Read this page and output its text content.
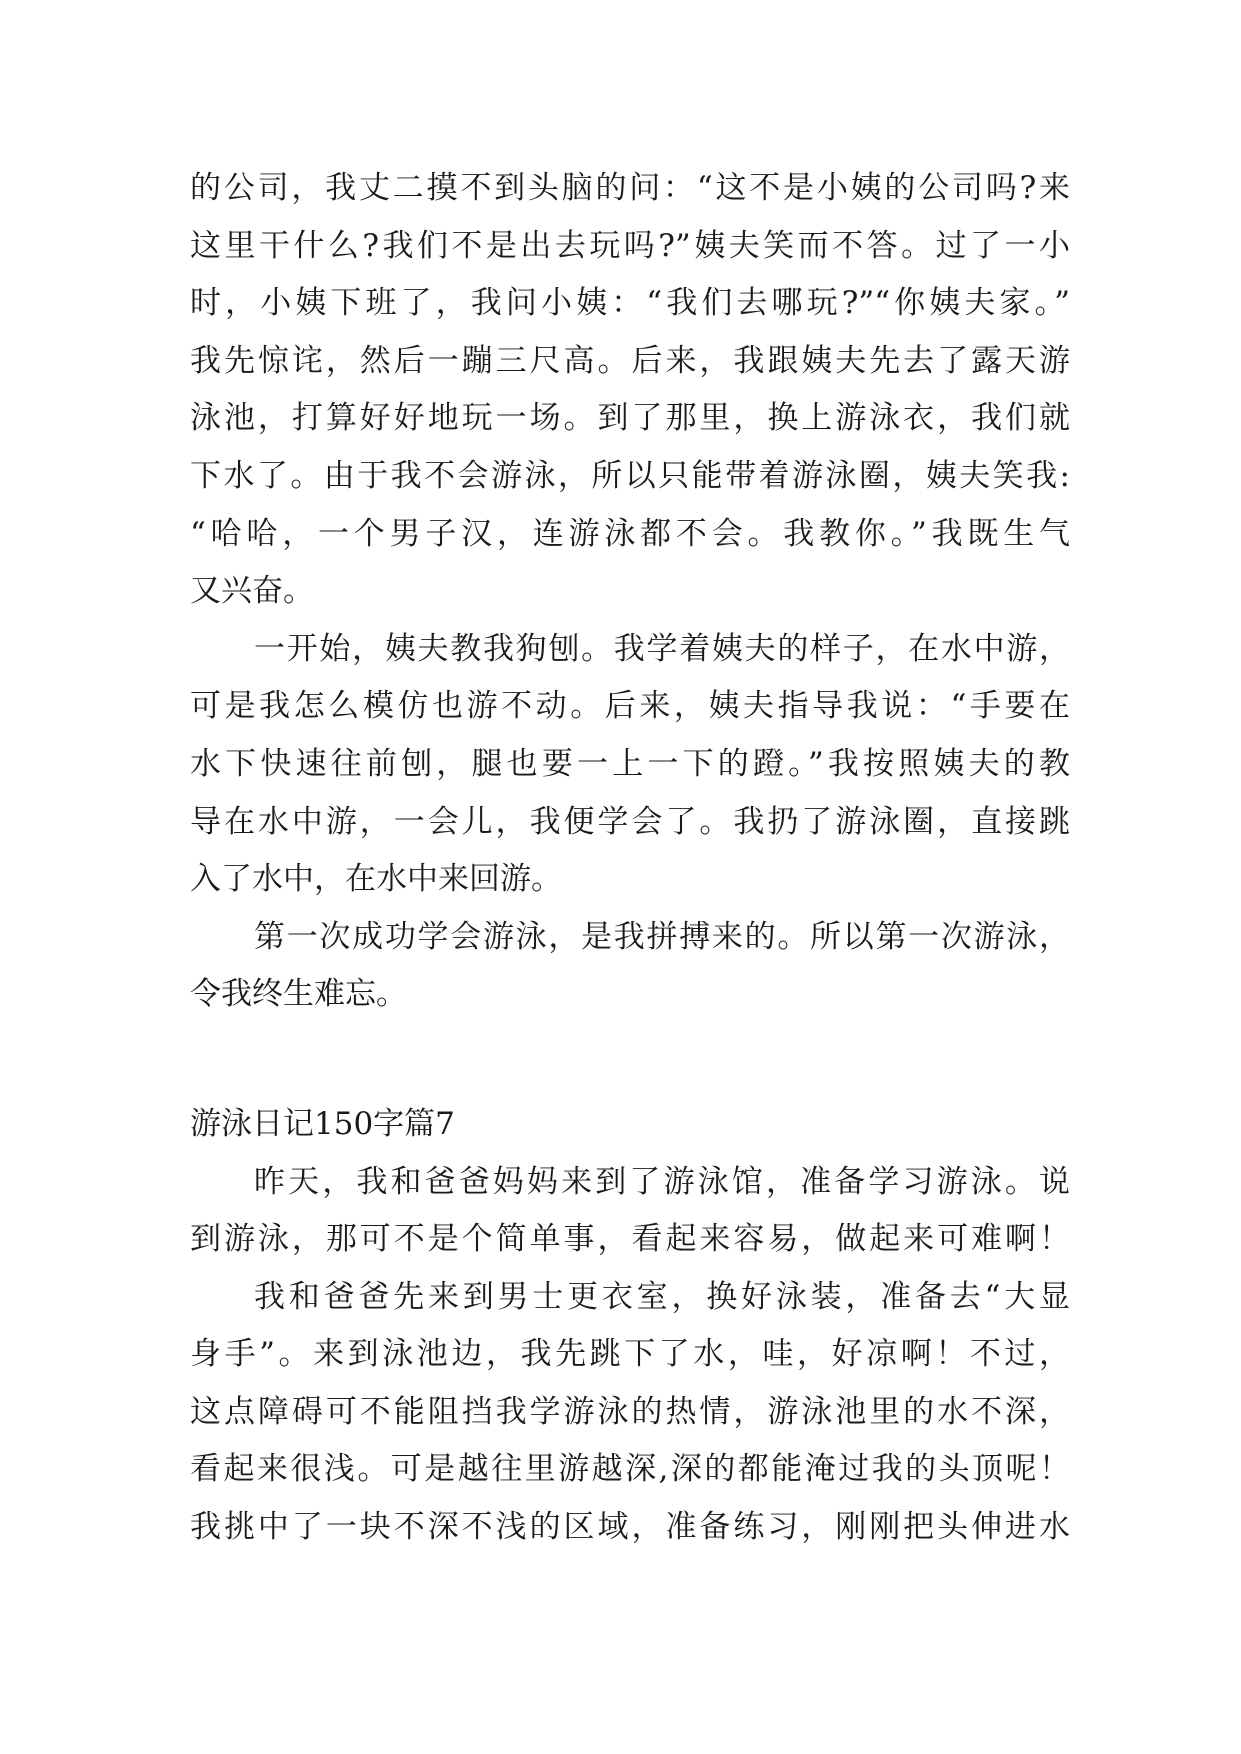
的公司，我丈二摸不到头脑的问：“这不是小姨的公司吗?来
这里干什么?我们不是出去玩吗?”姨夫笑而不答。过了一小
时，小姨下班了，我问小姨：“我们去哪玩?”“你姨夫家。”
我先惊诧，然后一蹦三尺高。后来，我跟姨夫先去了露天游
泳池，打算好好地玩一场。到了那里，换上游泳衣，我们就
下水了。由于我不会游泳，所以只能带着游泳圈，姨夫笑我:
“哈哈，一个男子汉，连游泳都不会。我教你。”我既生气
又兴奋。
一开始，姨夫教我狗刨。我学着姨夫的样子，在水中游，
可是我怎么模仿也游不动。后来，姨夫指导我说：“手要在
水下快速往前刨，腿也要一上一下的蹬。”我按照姨夫的教
导在水中游，一会儿，我便学会了。我扔了游泳圈，直接跳
入了水中，在水中来回游。
第一次成功学会游泳，是我拼搏来的。所以第一次游泳，
令我终生难忘。
游泳日记150字篇7
昨天，我和爸爸妈妈来到了游泳馆，准备学习游泳。说
到游泳，那可不是个简单事，看起来容易，做起来可难啊！
我和爸爸先来到男士更衣室，换好泳装，准备去“大显
身手”。来到泳池边，我先跳下了水，哇，好凉啊！不过，
这点障碍可不能阻挡我学游泳的热情，游泳池里的水不深，
看起来很浅。可是越往里游越深,深的都能淹过我的头顶呢！
我挑中了一块不深不浅的区域，准备练习，刚刚把头伸进水
